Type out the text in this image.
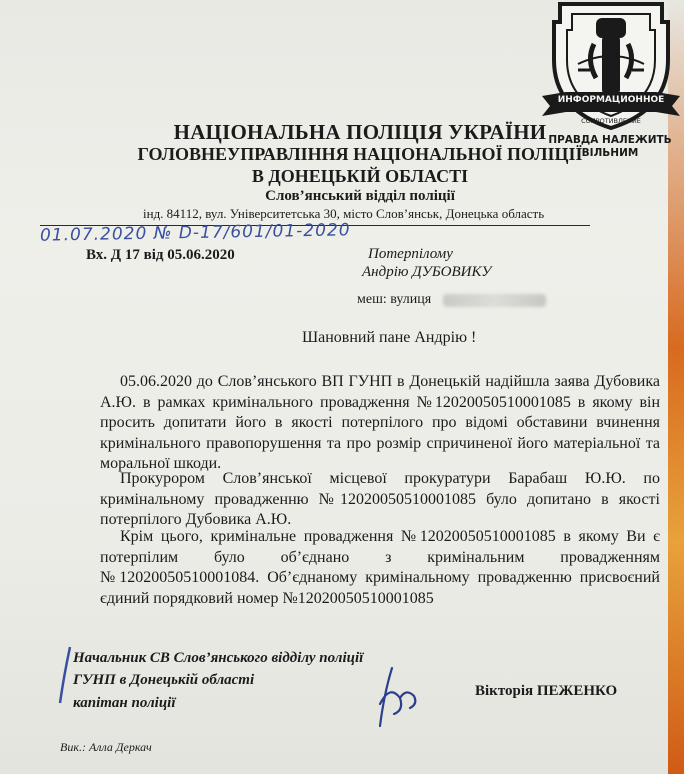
ИНФОРМАЦИОННОЕ
СОПРОТИВЛЕНИЕ
ПРАВДА НАЛЕЖИТЬ
ВІЛЬНИМ
НАЦІОНАЛЬНА ПОЛІЦІЯ УКРАЇНИ
ГОЛОВНЕУПРАВЛІННЯ НАЦІОНАЛЬНОЇ ПОЛІЦІЇ
В ДОНЕЦЬКІЙ ОБЛАСТІ
Слов’янський відділ поліції
інд. 84112, вул. Університетська 30, місто Слов’янськ, Донецька область
01.07.2020 № D-17/601/01-2020
Вх. Д 17 від 05.06.2020	Потерпілому
Андрію ДУБОВИКУ
меш: вулиця
Шановний пане Андрію !

05.06.2020 до Слов’янського ВП ГУНП в Донецькій надійшла заява Дубовика А.Ю. в рамках кримінального провадження №12020050510001085 в якому він просить допитати його в якості потерпілого про відомі обставини вчинення кримінального правопорушення та про розмір спричиненої його матеріальної та моральної шкоди.

Прокурором Слов’янської місцевої прокуратури Барабаш Ю.Ю. по кримінальному провадженню №12020050510001085 було допитано в якості потерпілого Дубовика А.Ю.

Крім цього, кримінальне провадження №12020050510001085 в якому Ви є потерпілим було об’єднано з кримінальним провадженням №12020050510001084. Об’єднаному кримінальному провадженню присвоєний єдиний порядковий номер №12020050510001085

Начальник СВ Слов’янського відділу поліції
ГУНП в Донецькій області
капітан поліції
Вікторія ПЕЖЕНКО
Вик.: Алла Деркач
